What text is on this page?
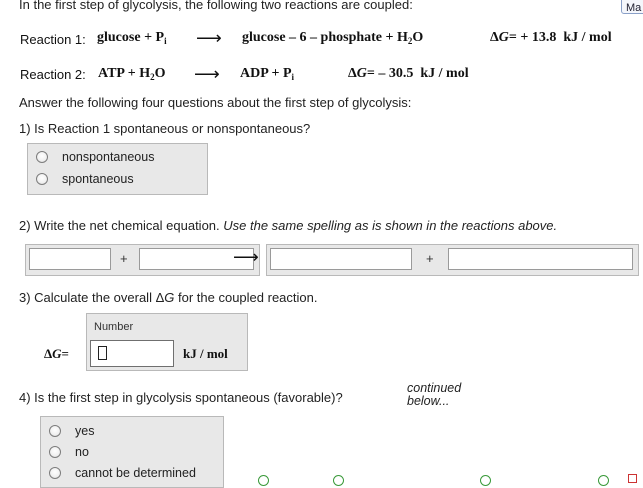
In the first step of glycolysis, the following two reactions are coupled:	Ma
Reaction 1: $glucose + P_i$ ⟶ glucose – 6 – phosphate + $H_2O$	ΔG= + 13.8  kJ / mol
Reaction 2: ATP + $H_2O$ ⟶ ADP + $P_i$	ΔG= – 30.5  kJ / mol
Answer the following four questions about the first step of glycolysis:
1) Is Reaction 1 spontaneous or nonspontaneous?
nonspontaneous
spontaneous
2) Write the net chemical equation. Use the same spelling as is shown in the reactions above.
+	⟶	+
3) Calculate the overall ΔG for the coupled reaction.
Number
ΔG=	kJ / mol
4) Is the first step in glycolysis spontaneous (favorable)?
continued
below...
yes
no
cannot be determined
